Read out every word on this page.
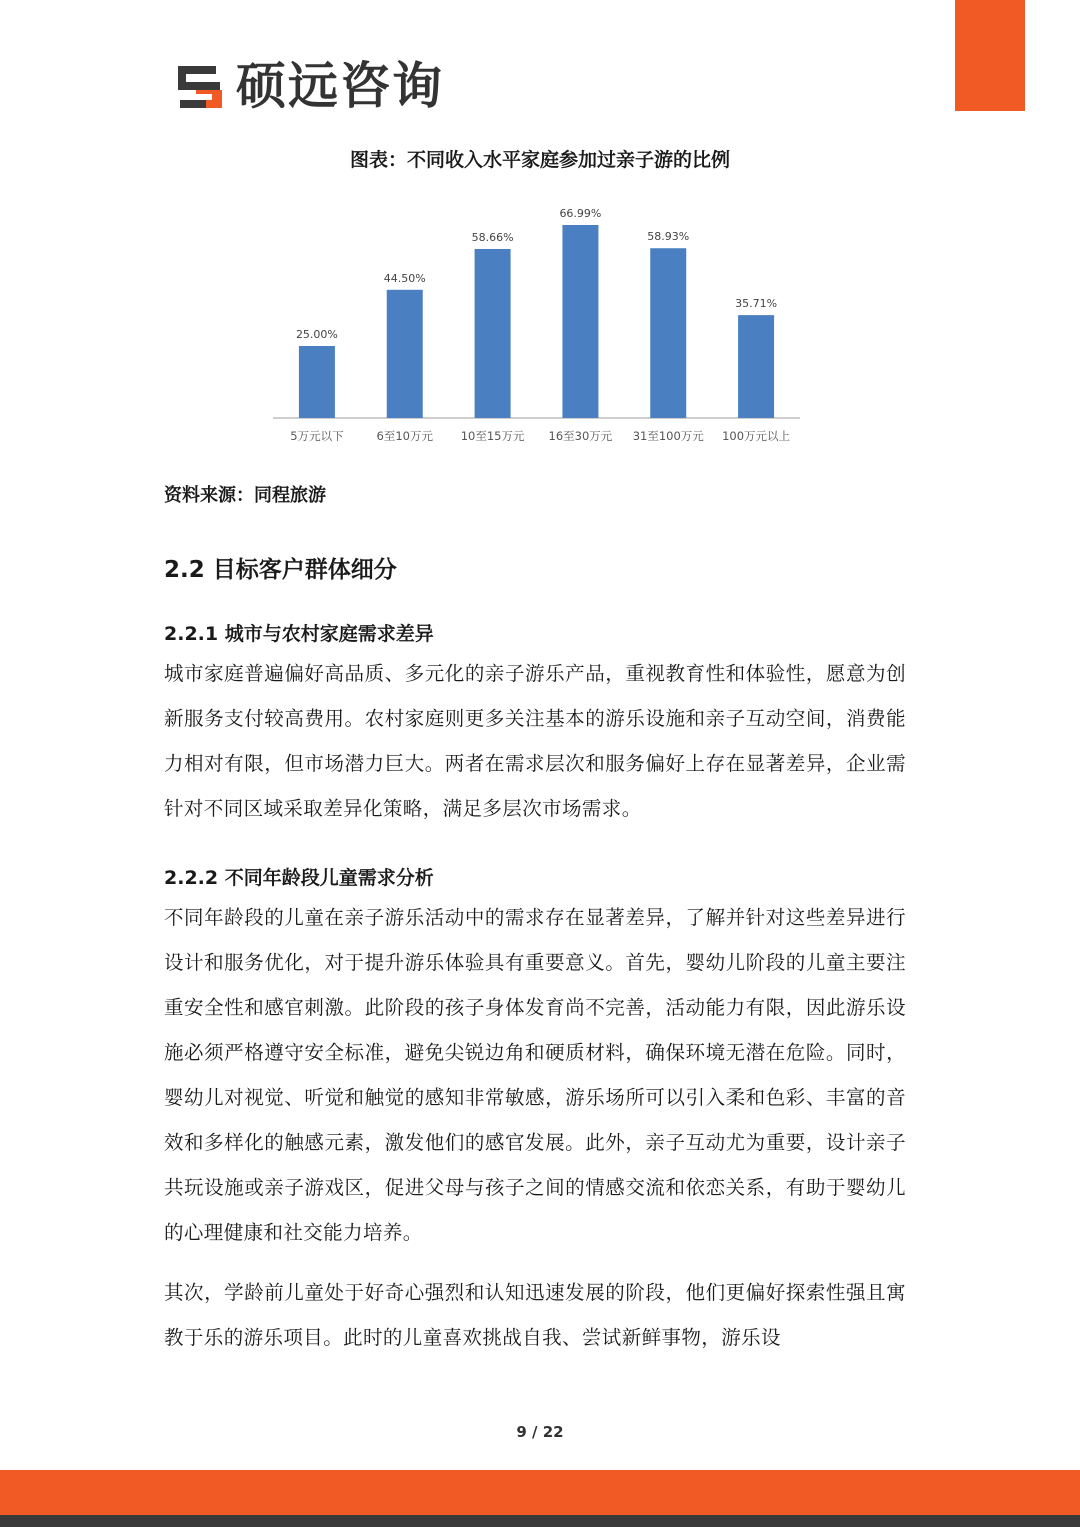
硕远咨询
图表：不同收入水平家庭参加过亲子游的比例
25.00%
5万元以下
44.50%
6至10万元
58.66%
10至15万元
66.99%
16至30万元
58.93%
31至100万元
35.71%
100万元以上
资料来源：同程旅游
2.2 目标客户群体细分
2.2.1 城市与农村家庭需求差异

城市家庭普遍偏好高品质、多元化的亲子游乐产品，重视教育性和体验性，愿意为创新服务支付较高费用。农村家庭则更多关注基本的游乐设施和亲子互动空间，消费能力相对有限，但市场潜力巨大。两者在需求层次和服务偏好上存在显著差异，企业需针对不同区域采取差异化策略，满足多层次市场需求。

2.2.2 不同年龄段儿童需求分析

不同年龄段的儿童在亲子游乐活动中的需求存在显著差异，了解并针对这些差异进行设计和服务优化，对于提升游乐体验具有重要意义。首先，婴幼儿阶段的儿童主要注重安全性和感官刺激。此阶段的孩子身体发育尚不完善，活动能力有限，因此游乐设施必须严格遵守安全标准，避免尖锐边角和硬质材料，确保环境无潜在危险。同时，婴幼儿对视觉、听觉和触觉的感知非常敏感，游乐场所可以引入柔和色彩、丰富的音效和多样化的触感元素，激发他们的感官发展。此外，亲子互动尤为重要，设计亲子共玩设施或亲子游戏区，促进父母与孩子之间的情感交流和依恋关系，有助于婴幼儿的心理健康和社交能力培养。

其次，学龄前儿童处于好奇心强烈和认知迅速发展的阶段，他们更偏好探索性强且寓教于乐的游乐项目。此时的儿童喜欢挑战自我、尝试新鲜事物，游乐设

9 / 22
